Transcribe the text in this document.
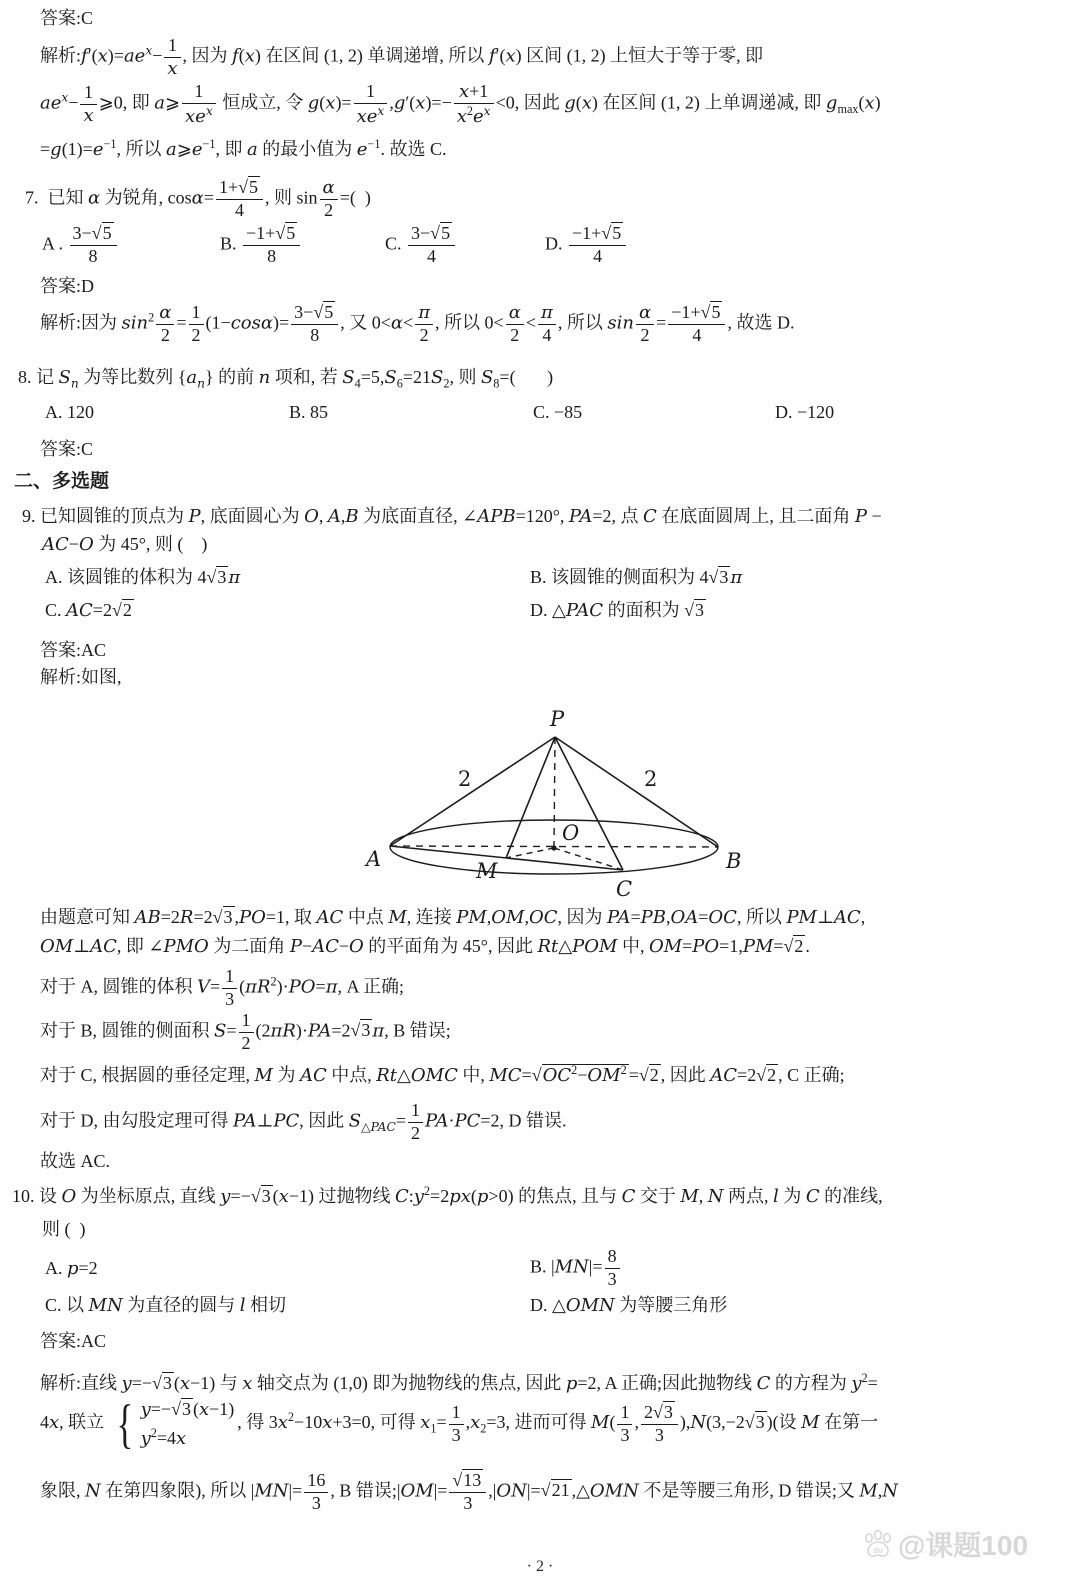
答案:C
解析$:f'(x)=ae^x- \frac{1}{x}$ , 因为 f(x) 在区间 (1, 2) 单调递增, 所以 f′(x) 区间 (1, 2) 上恒大于等于零, 即
$ae^x- \frac{1}{x}$ ⩾0, 即 a⩾
1
$xe^x$ 恒成立, 令 g(x)=
1
$xe^x$ $,g'(x)=- \frac{x+1}{x^2e^x} <0$, 因此 g(x) 在区间 (1, 2) 上单调递减, 即 $g_{max}(x)$
$=g(1)=e^{-1}$, 所以 $a⩾e^{-1}$, 即 a 的最小值为 $e^{-1}$. 故选 C.
7.  已知 α 为锐角, $\cos\alpha= \frac{1+√5}{4}$ , 则 $\sin \frac{\alpha}{2}$ =(  )
A . $\frac{3-√5}{8}$	B. $\frac{-1+√5}{8}$	C. $\frac{3-√5}{4}$	D. $\frac{-1+√5}{4}$
答案:D
解析:因为 $\sin^2 \frac{\alpha}{2} = \frac{1}{2} (1-\cos\alpha)= \frac{3-√5}{8}$ , 又 $0<\alpha< \frac{\pi}{2}$ , 所以 $0< \frac{\alpha}{2} < \frac{\pi}{4}$ , 所以 $\sin \frac{\alpha}{2} = \frac{-1+√5}{4}$ , 故选 D.
8. 记 $S_n$ 为等比数列 $\{a_n\}$ 的前 n 项和, 若 $S_4=5,S_6=21S_2$, 则 $S_8=$(       )
A. 120	B. 85	C. −85	D. −120
答案:C
二、多选题
9. 已知圆锥的顶点为 P, 底面圆心为 O, A,B 为底面直径, ∠APB=120°, PA=2, 点 C 在底面圆周上, 且二面角 P −
AC−O 为 45°, 则 (    )
A. 该圆锥的体积为 4√3 π	B. 该圆锥的侧面积为 4√3 π
C. AC=2√2	D. △PAC 的面积为 √3
答案:AC
解析:如图,
P
A	B
O
M
C
2	2
由题意可知 AB=2R=2√3 ,PO=1, 取 AC 中点 M, 连接 PM,OM,OC, 因为 PA=PB,OA=OC, 所以 PM⊥AC,
OM⊥AC, 即 ∠PMO 为二面角 P−AC−O 的平面角为 45°, 因此 Rt△POM 中, OM=PO=1,PM=√2 .
对于 A, 圆锥的体积 $V= \frac{1}{3} (\pi R^2)\cdot PO=\pi$, A 正确;
对于 B, 圆锥的侧面积 $S= \frac{1}{2} (2\pi R)\cdot PA=2√3$ π, B 错误;
对于 C, 根据圆的垂径定理, M 为 AC 中点, Rt△OMC 中, $MC=√OC^2-OM^2 =√2$ , 因此 AC=2√2 , C 正确;
对于 D, 由勾股定理可得 PA⊥PC, 因此 $S_{\triangle PAC}= \frac{1}{2} PA\cdot PC=2$, D 错误.
故选 AC.
10. 设 O 为坐标原点, 直线 y=−√3 (x−1) 过抛物线 $C:y^2=2px(p>0)$ 的焦点, 且与 C 交于 M, N 两点, l 为 C 的准线,
则 (  )
A. p=2	B. $|MN|= \frac{8}{3}$
C. 以 MN 为直径的圆与 l 相切	D. △OMN 为等腰三角形
答案:AC
解析:直线 y=−√3 (x−1) 与 x 轴交点为 (1,0) 即为抛物线的焦点, 因此 p=2, A 正确;因此抛物线 C 的方程为 $y^2=$
4x, 联立 { y=−√3 (x−1)
$y^2=4x$
, 得 $3x^2-10x+3=0$, 可得 $x_1= \frac{1}{3} ,x_2=3$, 进而可得 $M( \frac{1}{3}$ , $\frac{2√3}{3} ),N(3,-2√3$ )(设 M 在第一
象限, N 在第四象限), 所以 $|MN|= \frac{16}{3}$ , B 错误;|OM|= $\frac{√13}{3} ,|ON|=√21$ ,△OMN 不是等腰三角形, D 错误;又 M,N
du @课题100
· 2 ·
